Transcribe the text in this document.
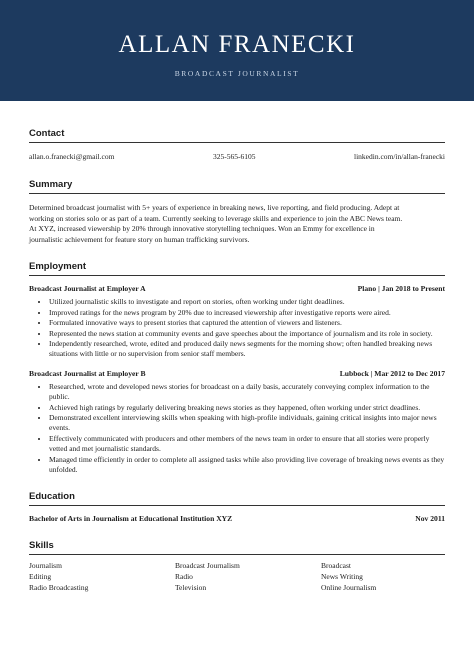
ALLAN FRANECKI
BROADCAST JOURNALIST
Contact
allan.o.franecki@gmail.com	325-565-6105	linkedin.com/in/allan-franecki
Summary
Determined broadcast journalist with 5+ years of experience in breaking news, live reporting, and field producing. Adept at
working on stories solo or as part of a team. Currently seeking to leverage skills and experience to join the ABC News team.
At XYZ, increased viewership by 20% through innovative storytelling techniques. Won an Emmy for excellence in
journalistic achievement for feature story on human trafficking survivors.
Employment
Broadcast Journalist at Employer A	Plano | Jan 2018 to Present
• Utilized journalistic skills to investigate and report on stories, often working under tight deadlines.
• Improved ratings for the news program by 20% due to increased viewership after investigative reports were aired.
• Formulated innovative ways to present stories that captured the attention of viewers and listeners.
• Represented the news station at community events and gave speeches about the importance of journalism and its role in society.
• Independently researched, wrote, edited and produced daily news segments for the morning show; often handled breaking news situations with little or no supervision from senior staff members.
Broadcast Journalist at Employer B	Lubbock | Mar 2012 to Dec 2017
• Researched, wrote and developed news stories for broadcast on a daily basis, accurately conveying complex information to the public.
• Achieved high ratings by regularly delivering breaking news stories as they happened, often working under strict deadlines.
• Demonstrated excellent interviewing skills when speaking with high-profile individuals, gaining critical insights into major news events.
• Effectively communicated with producers and other members of the news team in order to ensure that all stories were properly vetted and met journalistic standards.
• Managed time efficiently in order to complete all assigned tasks while also providing live coverage of breaking news events as they unfolded.
Education
Bachelor of Arts in Journalism at Educational Institution XYZ	Nov 2011
Skills
Journalism	Broadcast Journalism	Broadcast
Editing	Radio	News Writing
Radio Broadcasting	Television	Online Journalism
